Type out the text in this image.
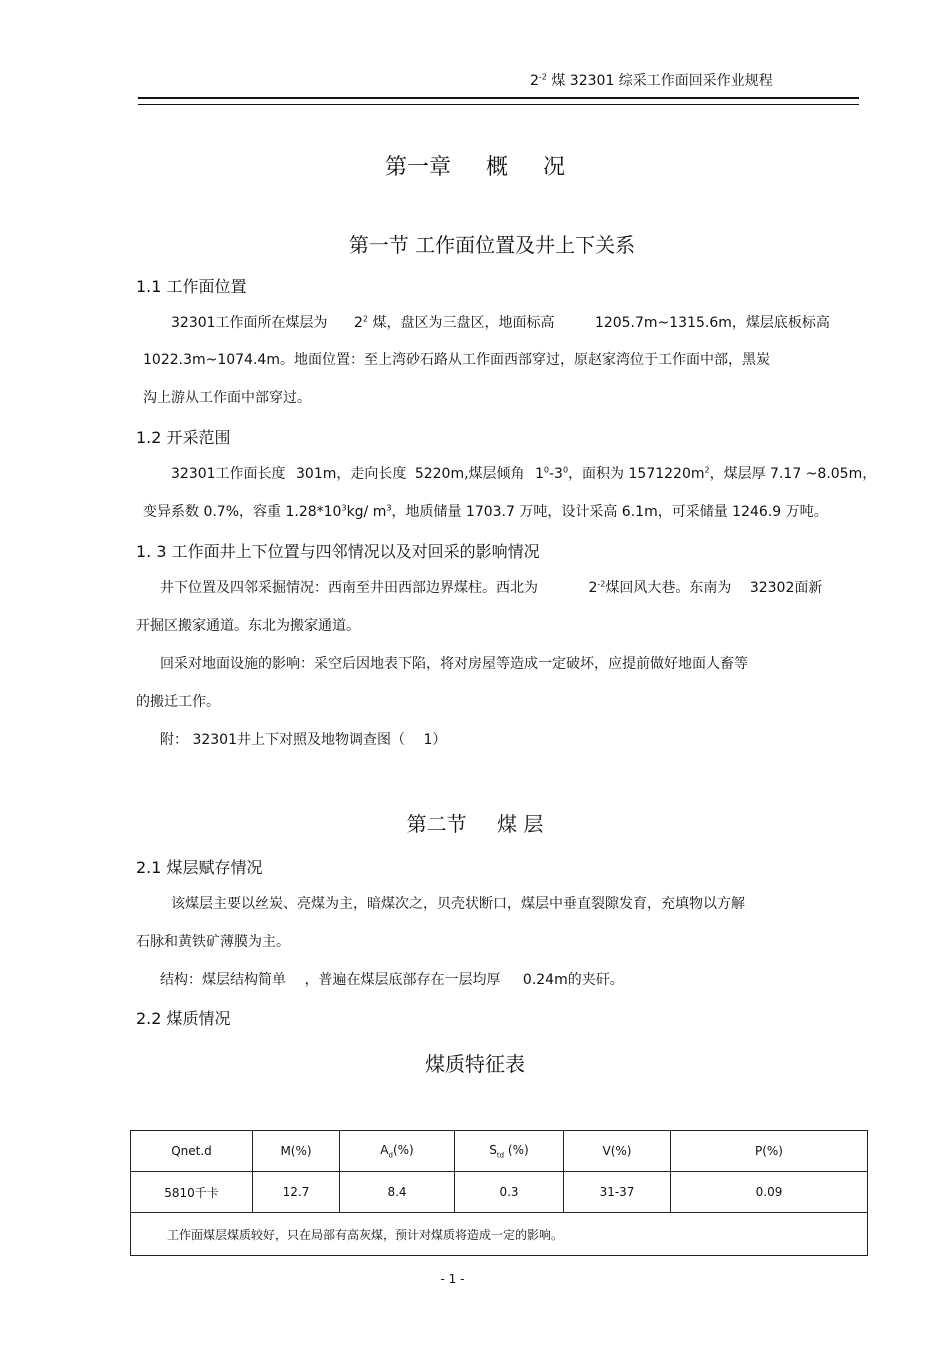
$2^{-2}$ 煤 32301 综采工作面回采作业规程
第一章 概 况
第一节 工作面位置及井上下关系
1.1 工作面位置
32301工作面所在煤层为 $2^2$ 煤，盘区为三盘区，地面标高	1205.7m~1315.6m，煤层底板标高
1022.3m~1074.4m。地面位置：至上湾砂石路从工作面西部穿过，原赵家湾位于工作面中部，黑炭
沟上游从工作面中部穿过。
1.2 开采范围
32301工作面长度 301m，走向长度 5220m,煤层倾角 $1^0-3^0$，面积为 $1571220m^2$，煤层厚 7.17 ~8.05m，
变异系数 0.7%，容重 $1.28*10^3kg/$ $m^3$，地质储量 1703.7 万吨，设计采高 6.1m，可采储量 1246.9 万吨。
1. 3 工作面井上下位置与四邻情况以及对回采的影响情况
井下位置及四邻采掘情况：西南至井田西部边界煤柱。西北为	$2^{-2}$煤回风大巷。东南为 32302面新
开掘区搬家通道。东北为搬家通道。
回采对地面设施的影响：采空后因地表下陷，将对房屋等造成一定破坏，应提前做好地面人畜等
的搬迁工作。
附： 32301井上下对照及地物调查图（ 1）
第二节 煤 层
2.1 煤层赋存情况
该煤层主要以丝炭、亮煤为主，暗煤次之，贝壳状断口，煤层中垂直裂隙发育，充填物以方解
石脉和黄铁矿薄膜为主。
结构：煤层结构简单 ，普遍在煤层底部存在一层均厚 0.24m的夹矸。
2.2 煤质情况
煤质特征表
Qnet.d	M(%)	$A_d(\%)$	$S_{td}$ (%)	V(%)	P(%)
5810千卡	12.7	8.4	0.3	31-37	0.09
工作面煤层煤质较好，只在局部有高灰煤，预计对煤质将造成一定的影响。					
- 1 -
